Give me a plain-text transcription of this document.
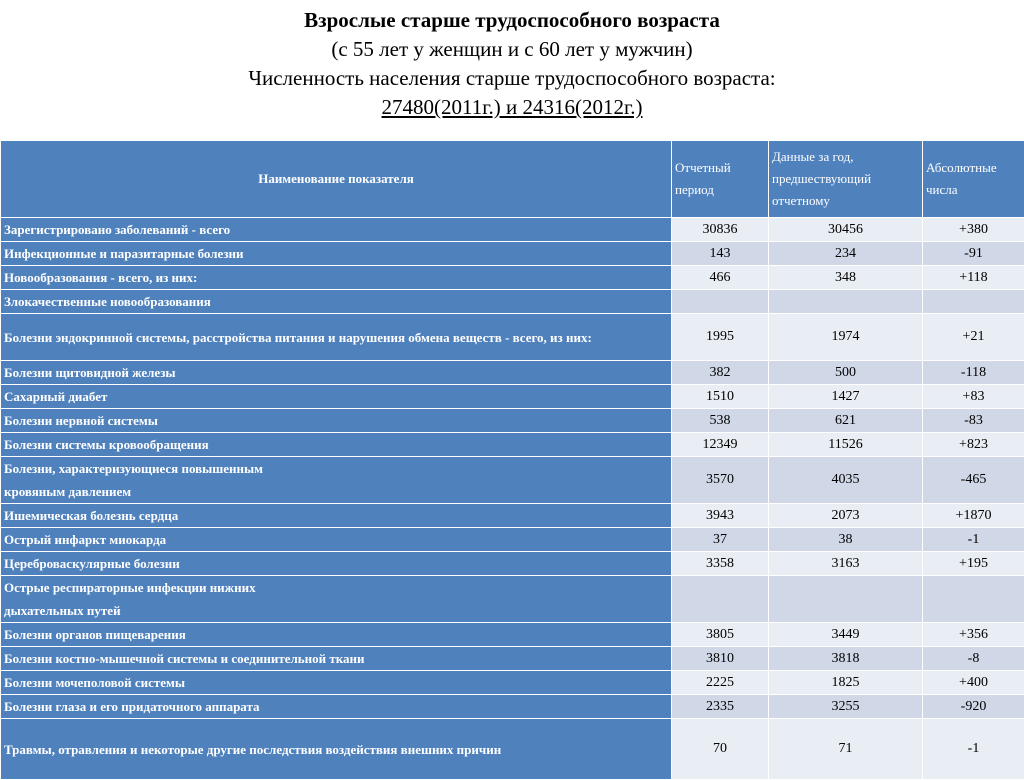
Взрослые старше трудоспособного возраста
(с 55 лет у женщин и с 60 лет у мужчин)
Численность населения старше трудоспособного возраста:
27480(2011г.) и 24316(2012г.)
Наименование показателя	Отчетный период	Данные за год, предшествующий отчетному	Абсолютные числа
Зарегистрировано заболеваний - всего	30836	30456	+380
Инфекционные и паразитарные болезни	143	234	-91
Новообразования - всего, из них:	466	348	+118
Злокачественные новообразования			
Болезни эндокринной системы, расстройства питания и нарушения обмена веществ - всего, из них:	1995	1974	+21
Болезни щитовидной железы	382	500	-118
Сахарный диабет	1510	1427	+83
Болезни нервной системы	538	621	-83
Болезни системы кровообращения	12349	11526	+823
Болезни, характеризующиеся повышенным кровяным давлением	3570	4035	-465
Ишемическая болезнь сердца	3943	2073	+1870
Острый инфаркт миокарда	37	38	-1
Цереброваскулярные болезни	3358	3163	+195
Острые респираторные инфекции нижних дыхательных путей			
Болезни органов пищеварения	3805	3449	+356
Болезни костно-мышечной системы и соединительной ткани	3810	3818	-8
Болезни мочеполовой системы	2225	1825	+400
Болезни глаза и его придаточного аппарата	2335	3255	-920
Травмы, отравления и некоторые другие последствия воздействия внешних причин	70	71	-1
